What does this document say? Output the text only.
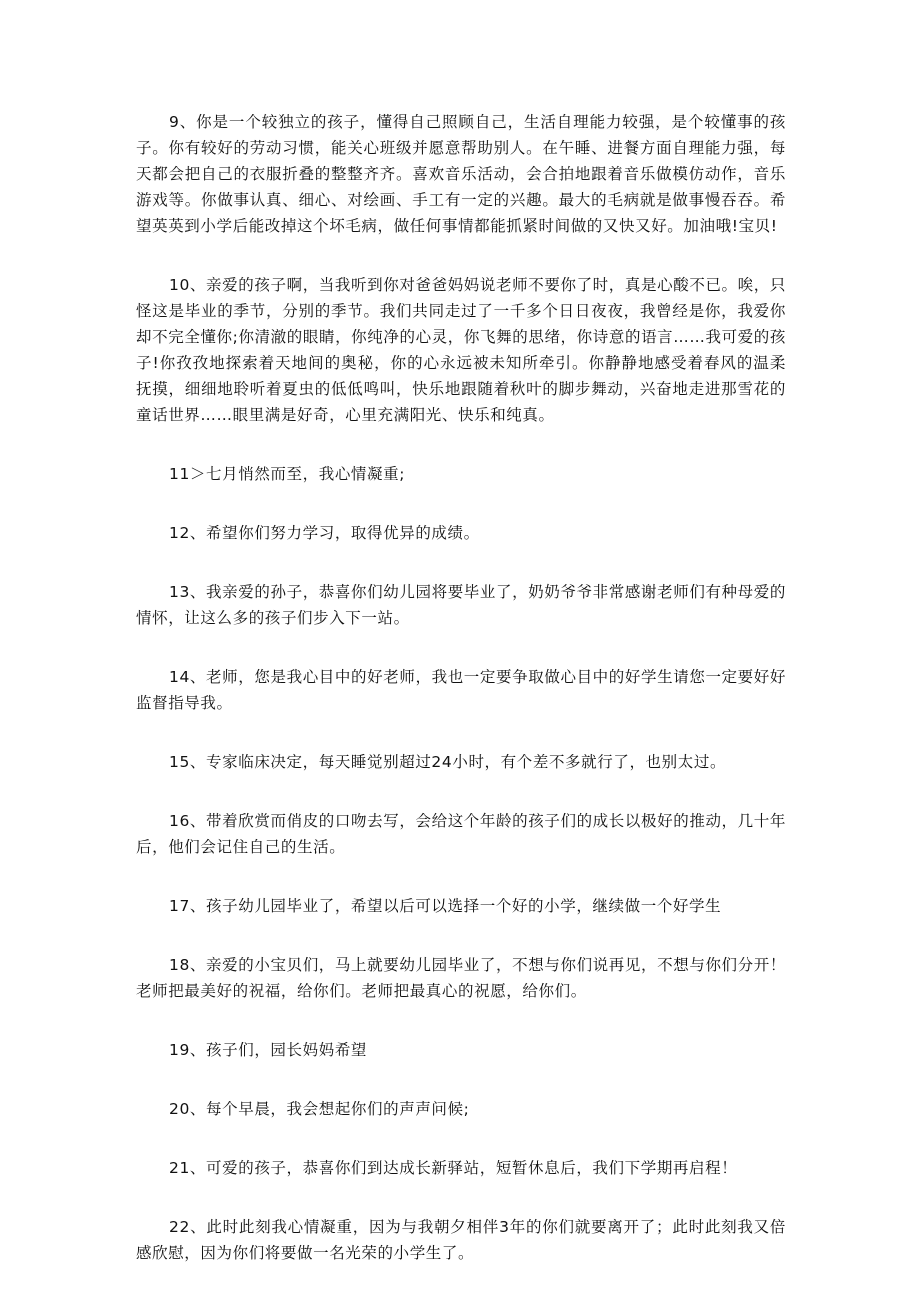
9、你是一个较独立的孩子，懂得自己照顾自己，生活自理能力较强，是个较懂事的孩子。你有较好的劳动习惯，能关心班级并愿意帮助别人。在午睡、进餐方面自理能力强，每天都会把自己的衣服折叠的整整齐齐。喜欢音乐活动，会合拍地跟着音乐做模仿动作，音乐游戏等。你做事认真、细心、对绘画、手工有一定的兴趣。最大的毛病就是做事慢吞吞。希望英英到小学后能改掉这个坏毛病，做任何事情都能抓紧时间做的又快又好。加油哦!宝贝!

10、亲爱的孩子啊，当我听到你对爸爸妈妈说老师不要你了时，真是心酸不已。唉，只怪这是毕业的季节，分别的季节。我们共同走过了一千多个日日夜夜，我曾经是你，我爱你却不完全懂你;你清澈的眼睛，你纯净的心灵，你飞舞的思绪，你诗意的语言……我可爱的孩子!你孜孜地探索着天地间的奥秘，你的心永远被未知所牵引。你静静地感受着春风的温柔抚摸，细细地聆听着夏虫的低低鸣叫，快乐地跟随着秋叶的脚步舞动，兴奋地走进那雪花的童话世界……眼里满是好奇，心里充满阳光、快乐和纯真。

11＞七月悄然而至，我心情凝重;

12、希望你们努力学习，取得优异的成绩。

13、我亲爱的孙子，恭喜你们幼儿园将要毕业了，奶奶爷爷非常感谢老师们有种母爱的情怀，让这么多的孩子们步入下一站。

14、老师，您是我心目中的好老师，我也一定要争取做心目中的好学生请您一定要好好监督指导我。

15、专家临床决定，每天睡觉别超过24小时，有个差不多就行了，也别太过。

16、带着欣赏而俏皮的口吻去写，会给这个年龄的孩子们的成长以极好的推动，几十年后，他们会记住自己的生活。

17、孩子幼儿园毕业了，希望以后可以选择一个好的小学，继续做一个好学生

18、亲爱的小宝贝们，马上就要幼儿园毕业了，不想与你们说再见，不想与你们分开！老师把最美好的祝福，给你们。老师把最真心的祝愿，给你们。

19、孩子们，园长妈妈希望

20、每个早晨，我会想起你们的声声问候;

21、可爱的孩子，恭喜你们到达成长新驿站，短暂休息后，我们下学期再启程！

22、此时此刻我心情凝重，因为与我朝夕相伴3年的你们就要离开了；此时此刻我又倍感欣慰，因为你们将要做一名光荣的小学生了。
